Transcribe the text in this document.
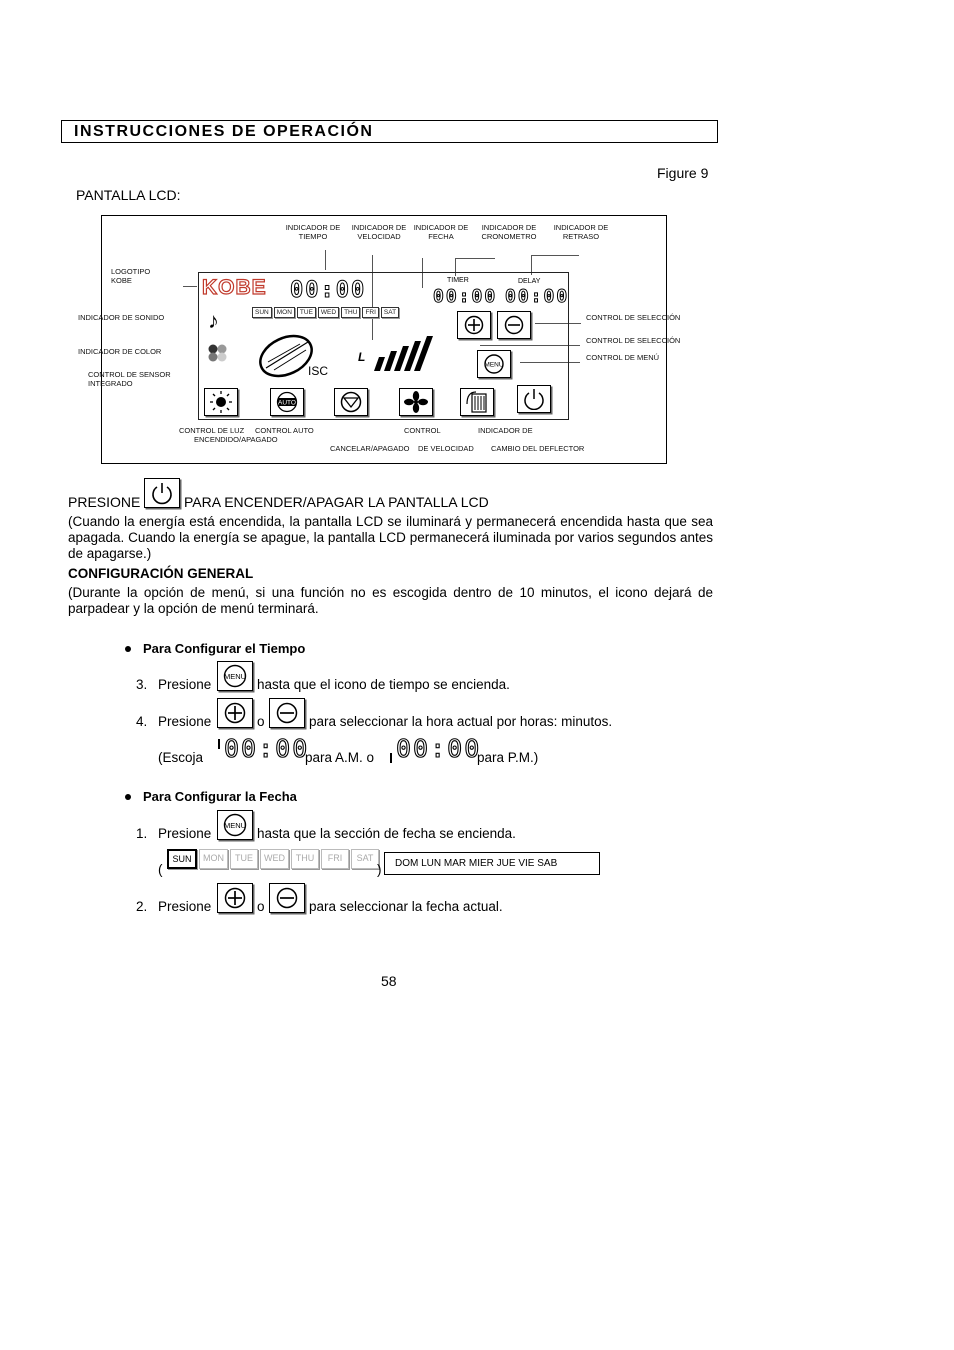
INSTRUCCIONES DE OPERACIÓN
Figure 9
PANTALLA LCD:
INDICADOR DE TIEMPO
INDICADOR DE VELOCIDAD
INDICADOR DE FECHA
INDICADOR DE CRONOMETRO
INDICADOR DE RETRASO
LOGOTIPO KOBE
INDICADOR DE SONIDO
INDICADOR DE COLOR
CONTROL DE SENSOR INTEGRADO
CONTROL DE SELECCIÓN
CONTROL DE SELECCIÓN
CONTROL DE MENÚ
KOBE 00:00	TIMER
00:00
DELAY
00:00
SUN	MON	TUE	WED	THU	FRI	SAT
♪
ISC
L
MENU
AUTO
CONTROL DE LUZ CONTROL AUTO
ENCENDIDO/APAGADO
CONTROL	INDICADOR DE
CANCELAR/APAGADO DE VELOCIDAD CAMBIO DEL DEFLECTOR
PRESIONE	PARA ENCENDER/APAGAR LA PANTALLA LCD
(Cuando la energía está encendida, la pantalla LCD se iluminará y permanecerá encendida hasta que sea apagada. Cuando la energía se apague, la pantalla LCD permanecerá iluminada por varios segundos antes de apagarse.)
CONFIGURACIÓN GENERAL
(Durante la opción de menú, si una función no es escogida dentro de 10 minutos, el icono dejará de parpadear y la opción de menú terminará.
Para Configurar el Tiempo
3. Presione
MENU
hasta que el icono de tiempo se encienda.
4. Presione	o	para seleccionar la hora actual por horas: minutos.
(Escoja 00:00
para A.M. o 00:00
para P.M.)
Para Configurar la Fecha
1. Presione
MENU
hasta que la sección de fecha se encienda.
(
SUN	MON	TUE	WED	THU	FRI	SAT
)	DOM LUN MAR MIER JUE VIE SAB
2. Presione	o	para seleccionar la fecha actual.
58
